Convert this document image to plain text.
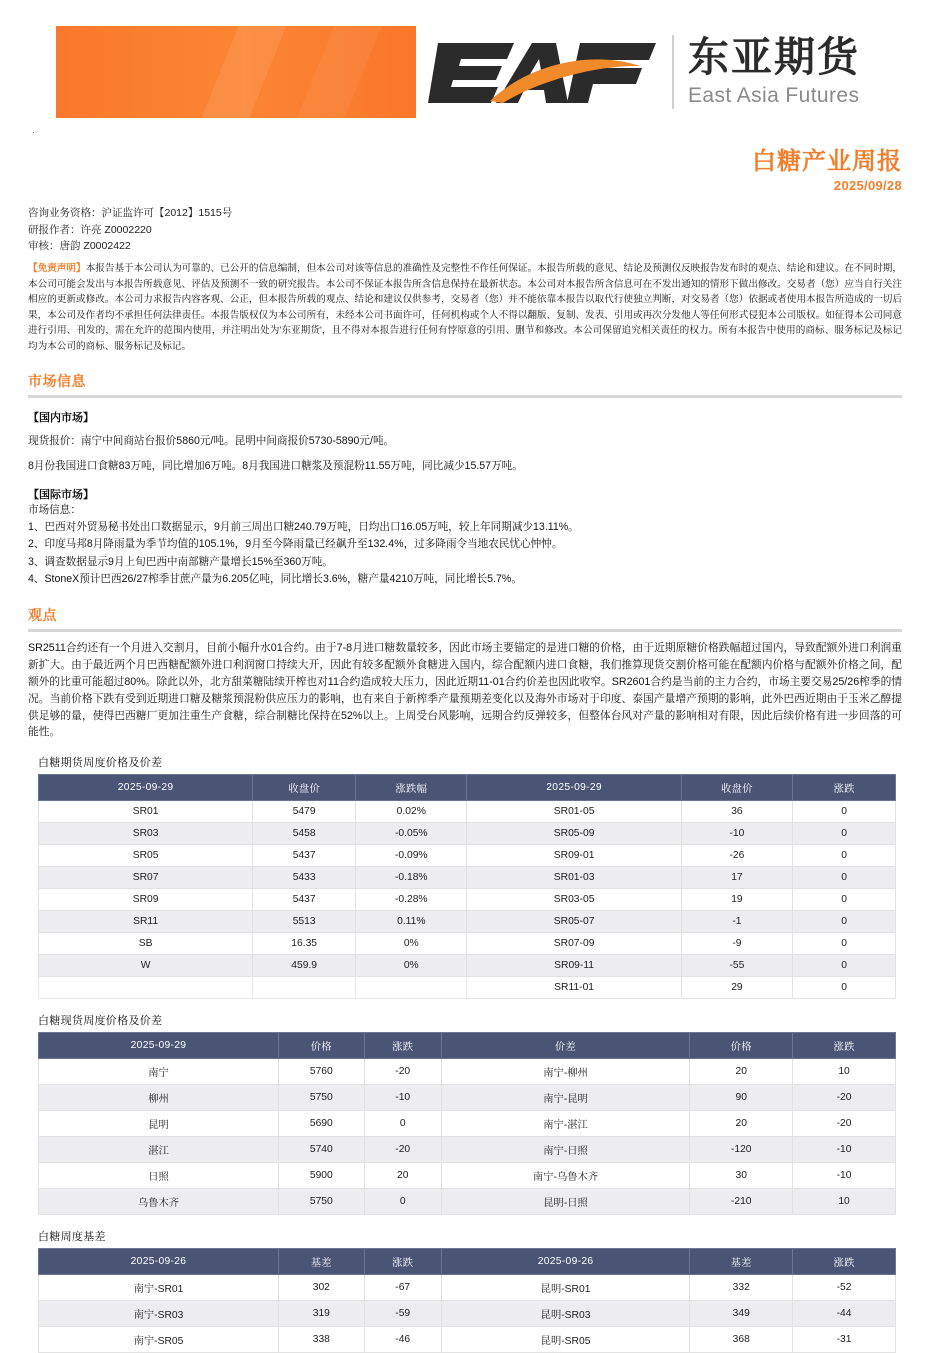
东亚期货
East Asia Futures
.
白糖产业周报
2025/09/28
咨询业务资格：沪证监许可【2012】1515号
研报作者：许亮 Z0002220
审核：唐韵 Z0002422
【免责声明】本报告基于本公司认为可靠的、已公开的信息编制，但本公司对该等信息的准确性及完整性不作任何保证。本报告所载的意见、结论及预测仅反映报告发布时的观点、结论和建议。在不同时期，本公司可能会发出与本报告所载意见、评估及预测不一致的研究报告。本公司不保证本报告所含信息保持在最新状态。本公司对本报告所含信息可在不发出通知的情形下做出修改。交易者（您）应当自行关注相应的更新或修改。本公司力求报告内容客观、公正，但本报告所载的观点、结论和建议仅供参考，交易者（您）并不能依靠本报告以取代行使独立判断，对交易者（您）依据或者使用本报告所造成的一切后果，本公司及作者均不承担任何法律责任。本报告版权仅为本公司所有，未经本公司书面许可，任何机构或个人不得以翻版、复制、发表、引用或再次分发他人等任何形式侵犯本公司版权。如征得本公司同意进行引用、刊发的，需在允许的范围内使用，并注明出处为'东亚期货'，且不得对本报告进行任何有悖原意的引用、删节和修改。本公司保留追究相关责任的权力。所有本报告中使用的商标、服务标记及标记均为本公司的商标、服务标记及标记。
市场信息
【国内市场】
现货报价：南宁中间商站台报价5860元/吨。昆明中间商报价5730-5890元/吨。
8月份我国进口食糖83万吨，同比增加6万吨。8月我国进口糖浆及预混粉11.55万吨，同比减少15.57万吨。
【国际市场】
市场信息：
1、巴西对外贸易秘书处出口数据显示，9月前三周出口糖240.79万吨，日均出口16.05万吨，较上年同期减少13.11%。
2、印度马邦8月降雨量为季节均值的105.1%，9月至今降雨量已经飙升至132.4%，过多降雨令当地农民忧心忡忡。
3、调查数据显示9月上旬巴西中南部糖产量增长15%至360万吨。
4、StoneX预计巴西26/27榨季甘蔗产量为6.205亿吨，同比增长3.6%，糖产量4210万吨，同比增长5.7%。
观点
SR2511合约还有一个月进入交割月，目前小幅升水01合约。由于7-8月进口糖数量较多，因此市场主要锚定的是进口糖的价格，由于近期原糖价格跌幅超过国内，导致配额外进口利润重新扩大。由于最近两个月巴西糖配额外进口利润窗口持续大开，因此有较多配额外食糖进入国内，综合配额内进口食糖，我们推算现货交割价格可能在配额内价格与配额外价格之间，配额外的比重可能超过80%。除此以外，北方甜菜糖陆续开榨也对11合约造成较大压力，因此近期11-01合约价差也因此收窄。SR2601合约是当前的主力合约，市场主要交易25/26榨季的情况。当前价格下跌有受到近期进口糖及糖浆预混粉供应压力的影响，也有来自于新榨季产量预期差变化以及海外市场对于印度、泰国产量增产预期的影响，此外巴西近期由于玉米乙醇提供足够的量，使得巴西糖厂更加注重生产食糖，综合制糖比保持在52%以上。上周受台风影响，远期合约反弹较多，但整体台风对产量的影响相对有限，因此后续价格有进一步回落的可能性。
白糖期货周度价格及价差
2025-09-29	收盘价	涨跌幅	2025-09-29	收盘价	涨跌
SR01	5479	0.02%	SR01-05	36	0
SR03	5458	-0.05%	SR05-09	-10	0
SR05	5437	-0.09%	SR09-01	-26	0
SR07	5433	-0.18%	SR01-03	17	0
SR09	5437	-0.28%	SR03-05	19	0
SR11	5513	0.11%	SR05-07	-1	0
SB	16.35	0%	SR07-09	-9	0
W	459.9	0%	SR09-11	-55	0
			SR11-01	29	0
白糖现货周度价格及价差
2025-09-29	价格	涨跌	价差	价格	涨跌
南宁	5760	-20	南宁-柳州	20	10
柳州	5750	-10	南宁-昆明	90	-20
昆明	5690	0	南宁-湛江	20	-20
湛江	5740	-20	南宁-日照	-120	-10
日照	5900	20	南宁-乌鲁木齐	30	-10
乌鲁木齐	5750	0	昆明-日照	-210	10
白糖周度基差
2025-09-26	基差	涨跌	2025-09-26	基差	涨跌
南宁-SR01	302	-67	昆明-SR01	332	-52
南宁-SR03	319	-59	昆明-SR03	349	-44
南宁-SR05	338	-46	昆明-SR05	368	-31
